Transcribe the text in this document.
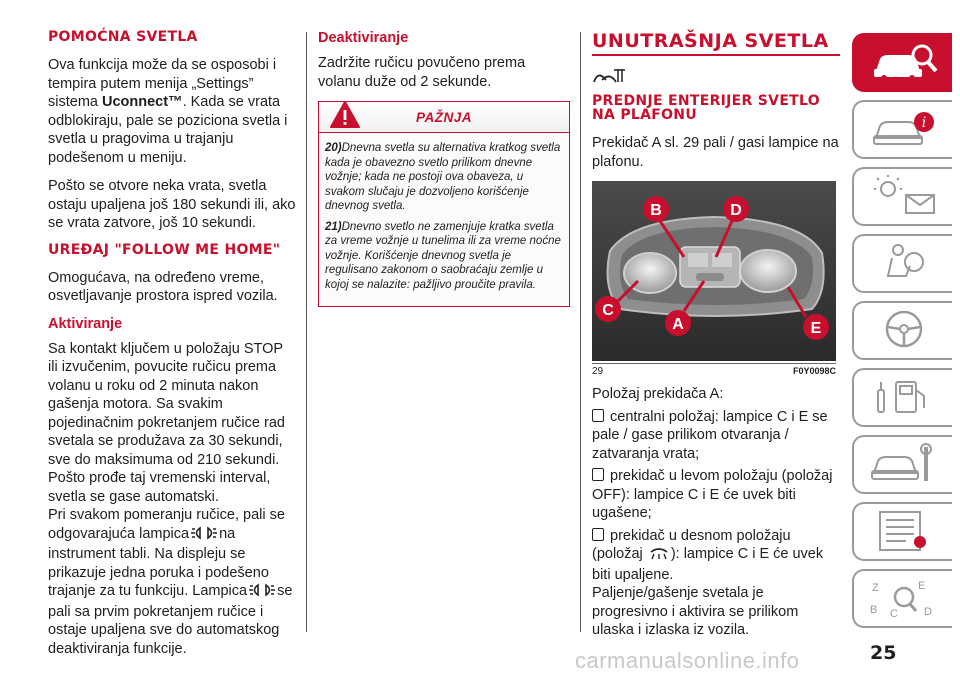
POMOĆNA SVETLA

Ova funkcija može da se osposobi i tempira putem menija „Settings” sistema Uconnect™. Kada se vrata odblokiraju, pale se poziciona svetla i svetla u pragovima u trajanju podešenom u meniju.

Pošto se otvore neka vrata, svetla ostaju upaljena još 180 sekundi ili, ako se vrata zatvore, još 10 sekundi.

UREĐAJ "FOLLOW ME HOME"

Omogućava, na određeno vreme, osvetljavanje prostora ispred vozila.

Aktiviranje

Sa kontakt ključem u položaju STOP ili izvučenim, povucite ručicu prema volanu u roku od 2 minuta nakon gašenja motora. Sa svakim pojedinačnim pokretanjem ručice rad svetala se produžava za 30 sekundi, sve do maksimuma od 210 sekundi. Pošto prođe taj vremenski interval, svetla se gase automatski.

Pri svakom pomeranju ručice, pali se odgovarajuća lampica na instrument tabli. Na displeju se prikazuje jedna poruka i podešeno trajanje za tu funkciju. Lampica se pali sa prvim pokretanjem ručice i ostaje upaljena sve do automatskog deaktiviranja funkcije.

Deaktiviranje

Zadržite ručicu povučeno prema volanu duže od 2 sekunde.

PAŽNJA

20)Dnevna svetla su alternativa kratkog svetla kada je obavezno svetlo prilikom dnevne vožnje; kada ne postoji ova obaveza, u svakom slučaju je dozvoljeno korišćenje dnevnog svetla.

21)Dnevno svetlo ne zamenjuje kratka svetla za vreme vožnje u tunelima ili za vreme noćne vožnje. Korišćenje dnevnog svetla je regulisano zakonom o saobraćaju zemlje u kojoj se nalazite: pažljivo proučite pravila.

UNUTRAŠNJA SVETLA
PREDNJE ENTERIJER SVETLO NA PLAFONU

Prekidač A sl. 29 pali / gasi lampice na plafonu.

B	D
C
A	E
29	F0Y0098C

Položaj prekidača A:

centralni položaj: lampice C i E se pale / gase prilikom otvaranja / zatvaranja vrata;

prekidač u levom položaju (položaj OFF): lampice C i E će uvek biti ugašene;

prekidač u desnom položaju (položaj ): lampice C i E će uvek biti upaljene.

Paljenje/gašenje svetala je progresivno i aktivira se prilikom ulaska i izlaska iz vozila.

i
Z	E
B	D
C
carmanualsonline.info	25
